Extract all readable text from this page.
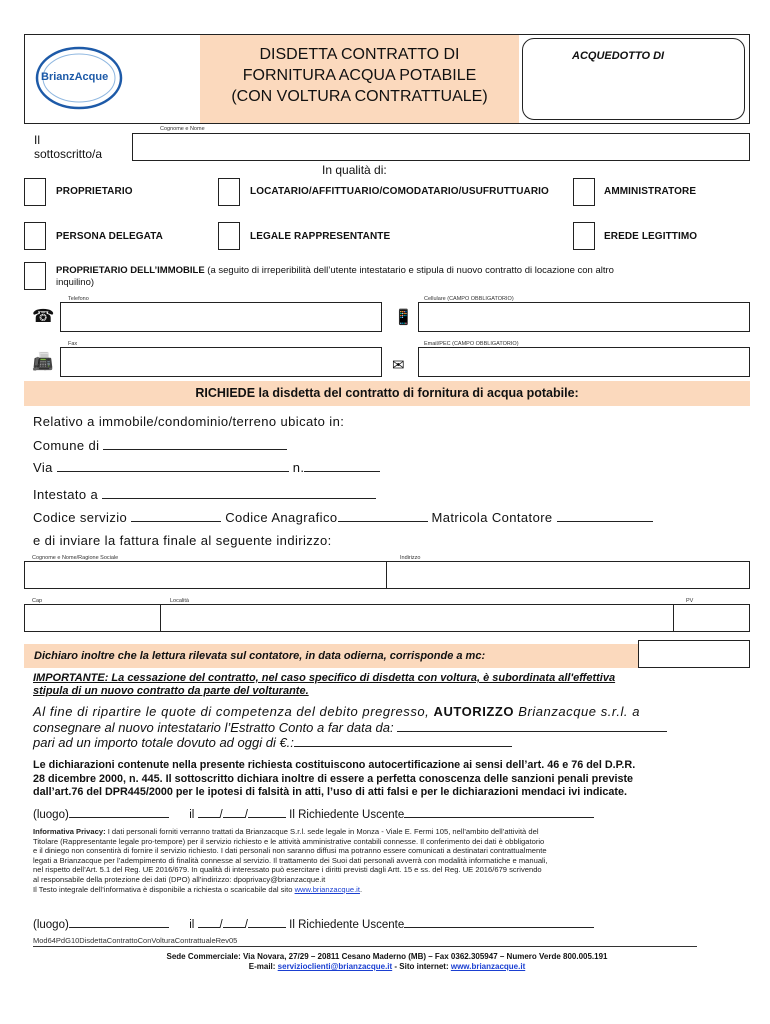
BrianzAcque
DISDETTA CONTRATTO DI
FORNITURA ACQUA POTABILE
(CON VOLTURA CONTRATTUALE)
ACQUEDOTTO DI
Il
sottoscritto/a
Cognome e Nome
In qualità di:
PROPRIETARIO	LOCATARIO/AFFITTUARIO/COMODATARIO/USUFRUTTUARIO	AMMINISTRATORE
PERSONA DELEGATA	LEGALE RAPPRESENTANTE	EREDE LEGITTIMO
PROPRIETARIO DELL’IMMOBILE (a seguito di irreperibilità dell’utente intestatario e stipula di nuovo contratto di locazione con altro
inquilino)
Telefono
☎	📱
Cellulare (CAMPO OBBLIGATORIO)
Fax
📠	✉
Email/PEC (CAMPO OBBLIGATORIO)
RICHIEDE la disdetta del contratto di fornitura di acqua potabile:
Relativo a immobile/condominio/terreno ubicato in:
Comune di
Via	n.
Intestato a
Codice servizio	Codice Anagrafico	Matricola Contatore
e di inviare la fattura finale al seguente indirizzo:
Cognome e Nome/Ragione Sociale	Indirizzo
Cap	Località	PV
Dichiaro inoltre che la lettura rilevata sul contatore, in data odierna, corrisponde a mc:
IMPORTANTE: La cessazione del contratto, nel caso specifico di disdetta con voltura, è subordinata all'effettiva
stipula di un nuovo contratto da parte del volturante.
Al fine di ripartire le quote di competenza del debito pregresso, AUTORIZZO Brianzacque s.r.l. a
consegnare al nuovo intestatario l’Estratto Conto a far data da:
pari ad un importo totale dovuto ad oggi di €.:
Le dichiarazioni contenute nella presente richiesta costituiscono autocertificazione ai sensi dell’art. 46 e 76 del D.P.R.
28 dicembre 2000, n. 445. Il sottoscritto dichiara inoltre di essere a perfetta conoscenza delle sanzioni penali previste
dall’art.76 del DPR445/2000 per le ipotesi di falsità in atti, l’uso di atti falsi e per le dichiarazioni mendaci ivi indicate.
(luogo)	il / /	Il Richiedente Uscente
Informativa Privacy: I dati personali forniti verranno trattati da Brianzacque S.r.l. sede legale in Monza - Viale E. Fermi 105, nell’ambito dell’attività del
Titolare (Rappresentante legale pro-tempore) per il servizio richiesto e le attività amministrative contabili connesse. Il conferimento dei dati è obbligatorio
e il diniego non consentirà di fornire il servizio richiesto. I dati personali non saranno diffusi ma potranno essere comunicati a destinatari contrattualmente
legati a Brianzacque per l’adempimento di finalità connesse al servizio. Il trattamento dei Suoi dati personali avverrà con modalità informatiche e manuali,
nel rispetto dell’Art. 5.1 del Reg. UE 2016/679. In qualità di interessato può esercitare i diritti previsti dagli Artt. 15 e ss. del Reg. UE 2016/679 scrivendo
al responsabile della protezione dei dati (DPO) all’indirizzo: dpoprivacy@brianzacque.it
Il Testo integrale dell’informativa è disponibile a richiesta o scaricabile dal sito www.brianzacque.it.
(luogo)	il / /	Il Richiedente Uscente
Mod64PdG10DisdettaContrattoConVolturaContrattualeRev05
Sede Commerciale: Via Novara, 27/29 – 20811 Cesano Maderno (MB) – Fax 0362.305947 – Numero Verde 800.005.191
E-mail: servizioclienti@brianzacque.it - Sito internet: www.brianzacque.it
